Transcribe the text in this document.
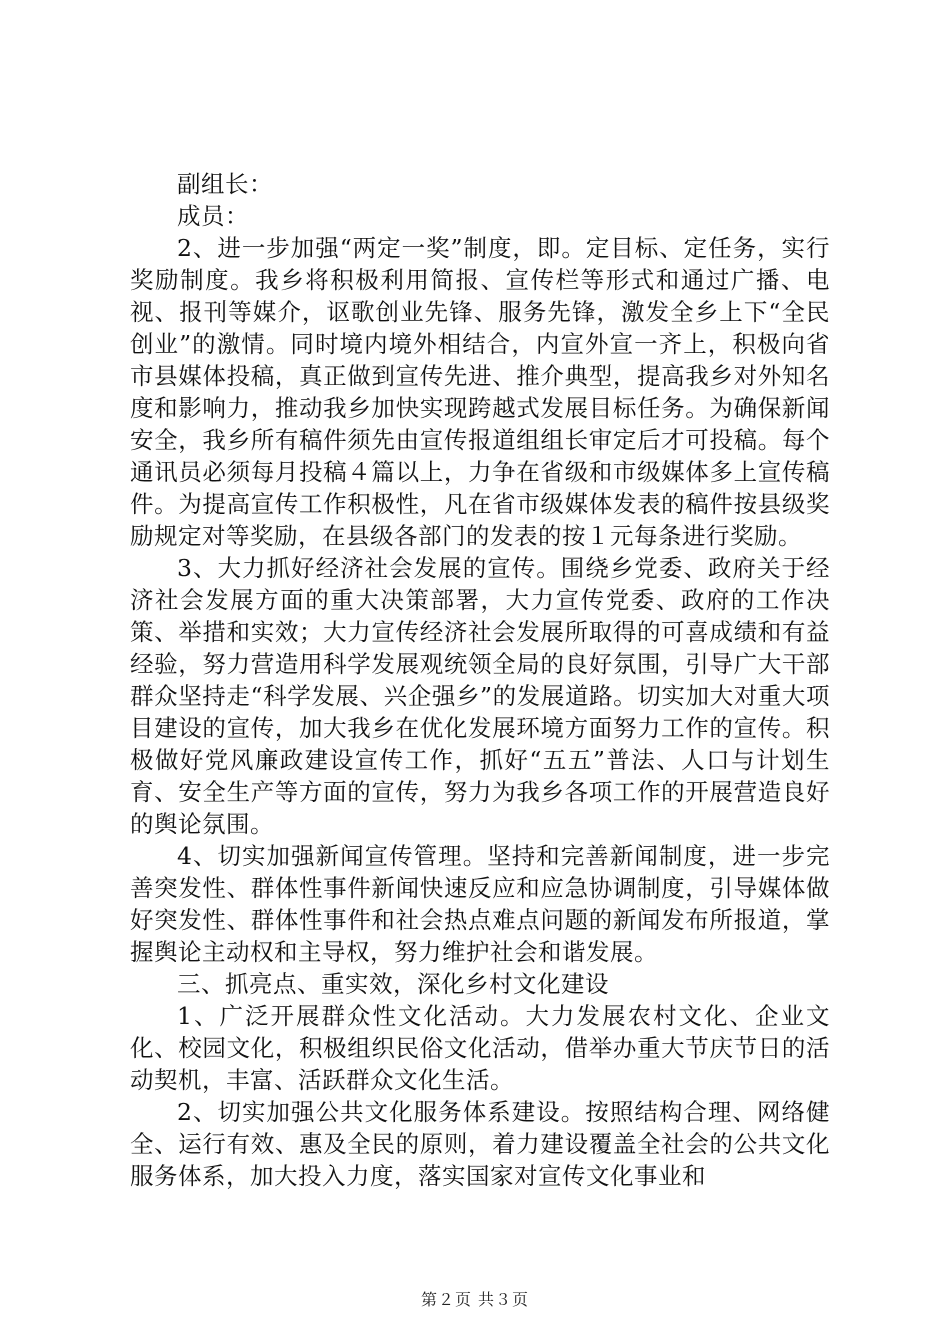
副组长：

成员：

2、进一步加强“两定一奖”制度，即。定目标、定任务，实行奖励制度。我乡将积极利用简报、宣传栏等形式和通过广播、电视、报刊等媒介，讴歌创业先锋、服务先锋，激发全乡上下“全民创业”的激情。同时境内境外相结合，内宣外宣一齐上，积极向省市县媒体投稿，真正做到宣传先进、推介典型，提高我乡对外知名度和影响力，推动我乡加快实现跨越式发展目标任务。为确保新闻安全，我乡所有稿件须先由宣传报道组组长审定后才可投稿。每个通讯员必须每月投稿４篇以上，力争在省级和市级媒体多上宣传稿件。为提高宣传工作积极性，凡在省市级媒体发表的稿件按县级奖励规定对等奖励，在县级各部门的发表的按１元每条进行奖励。

3、大力抓好经济社会发展的宣传。围绕乡党委、政府关于经济社会发展方面的重大决策部署，大力宣传党委、政府的工作决策、举措和实效；大力宣传经济社会发展所取得的可喜成绩和有益经验，努力营造用科学发展观统领全局的良好氛围，引导广大干部群众坚持走“科学发展、兴企强乡”的发展道路。切实加大对重大项目建设的宣传，加大我乡在优化发展环境方面努力工作的宣传。积极做好党风廉政建设宣传工作，抓好“五五”普法、人口与计划生育、安全生产等方面的宣传，努力为我乡各项工作的开展营造良好的舆论氛围。

4、切实加强新闻宣传管理。坚持和完善新闻制度，进一步完善突发性、群体性事件新闻快速反应和应急协调制度，引导媒体做好突发性、群体性事件和社会热点难点问题的新闻发布所报道，掌握舆论主动权和主导权，努力维护社会和谐发展。

三、抓亮点、重实效，深化乡村文化建设

1、广泛开展群众性文化活动。大力发展农村文化、企业文化、校园文化，积极组织民俗文化活动，借举办重大节庆节日的活动契机，丰富、活跃群众文化生活。

2、切实加强公共文化服务体系建设。按照结构合理、网络健全、运行有效、惠及全民的原则，着力建设覆盖全社会的公共文化服务体系，加大投入力度，落实国家对宣传文化事业和

第２页 共３页
